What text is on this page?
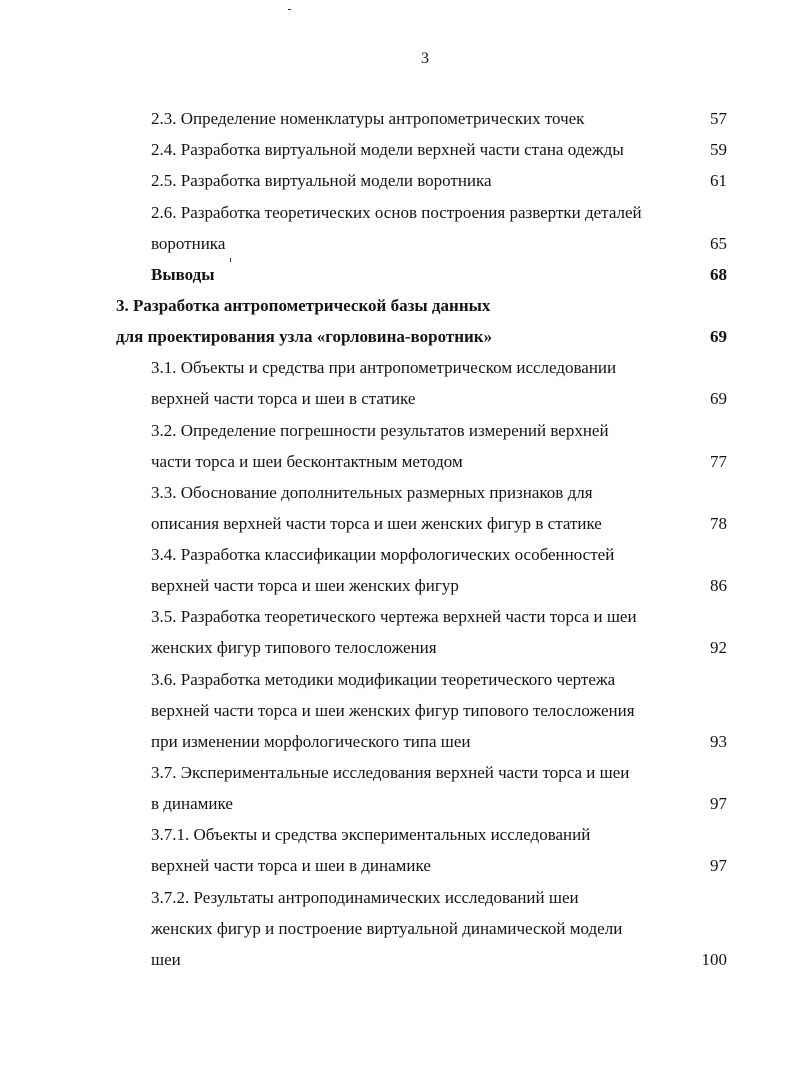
3
2.3. Определение номенклатуры антропометрических точек	57
2.4. Разработка виртуальной модели верхней части стана одежды	59
2.5. Разработка виртуальной модели воротника	61
2.6. Разработка теоретических основ построения развертки деталей
воротника	65
Выводы	68
3. Разработка антропометрической базы данных
для проектирования узла «горловина-воротник»	69
3.1. Объекты и средства при антропометрическом исследовании
верхней части торса и шеи в статике	69
3.2. Определение погрешности результатов измерений верхней
части торса и шеи бесконтактным методом	77
3.3. Обоснование дополнительных размерных признаков для
описания верхней части торса и шеи женских фигур в статике	78
3.4. Разработка классификации морфологических особенностей
верхней части торса и шеи женских фигур	86
3.5. Разработка теоретического чертежа верхней части торса и шеи
женских фигур типового телосложения	92
3.6. Разработка методики модификации теоретического чертежа
верхней части торса и шеи женских фигур типового телосложения
при изменении морфологического типа шеи	93
3.7. Экспериментальные исследования верхней части торса и шеи
в динамике	97
3.7.1. Объекты и средства экспериментальных исследований
верхней части торса и шеи в динамике	97
3.7.2. Результаты антроподинамических исследований шеи
женских фигур и построение виртуальной динамической модели
шеи	100
